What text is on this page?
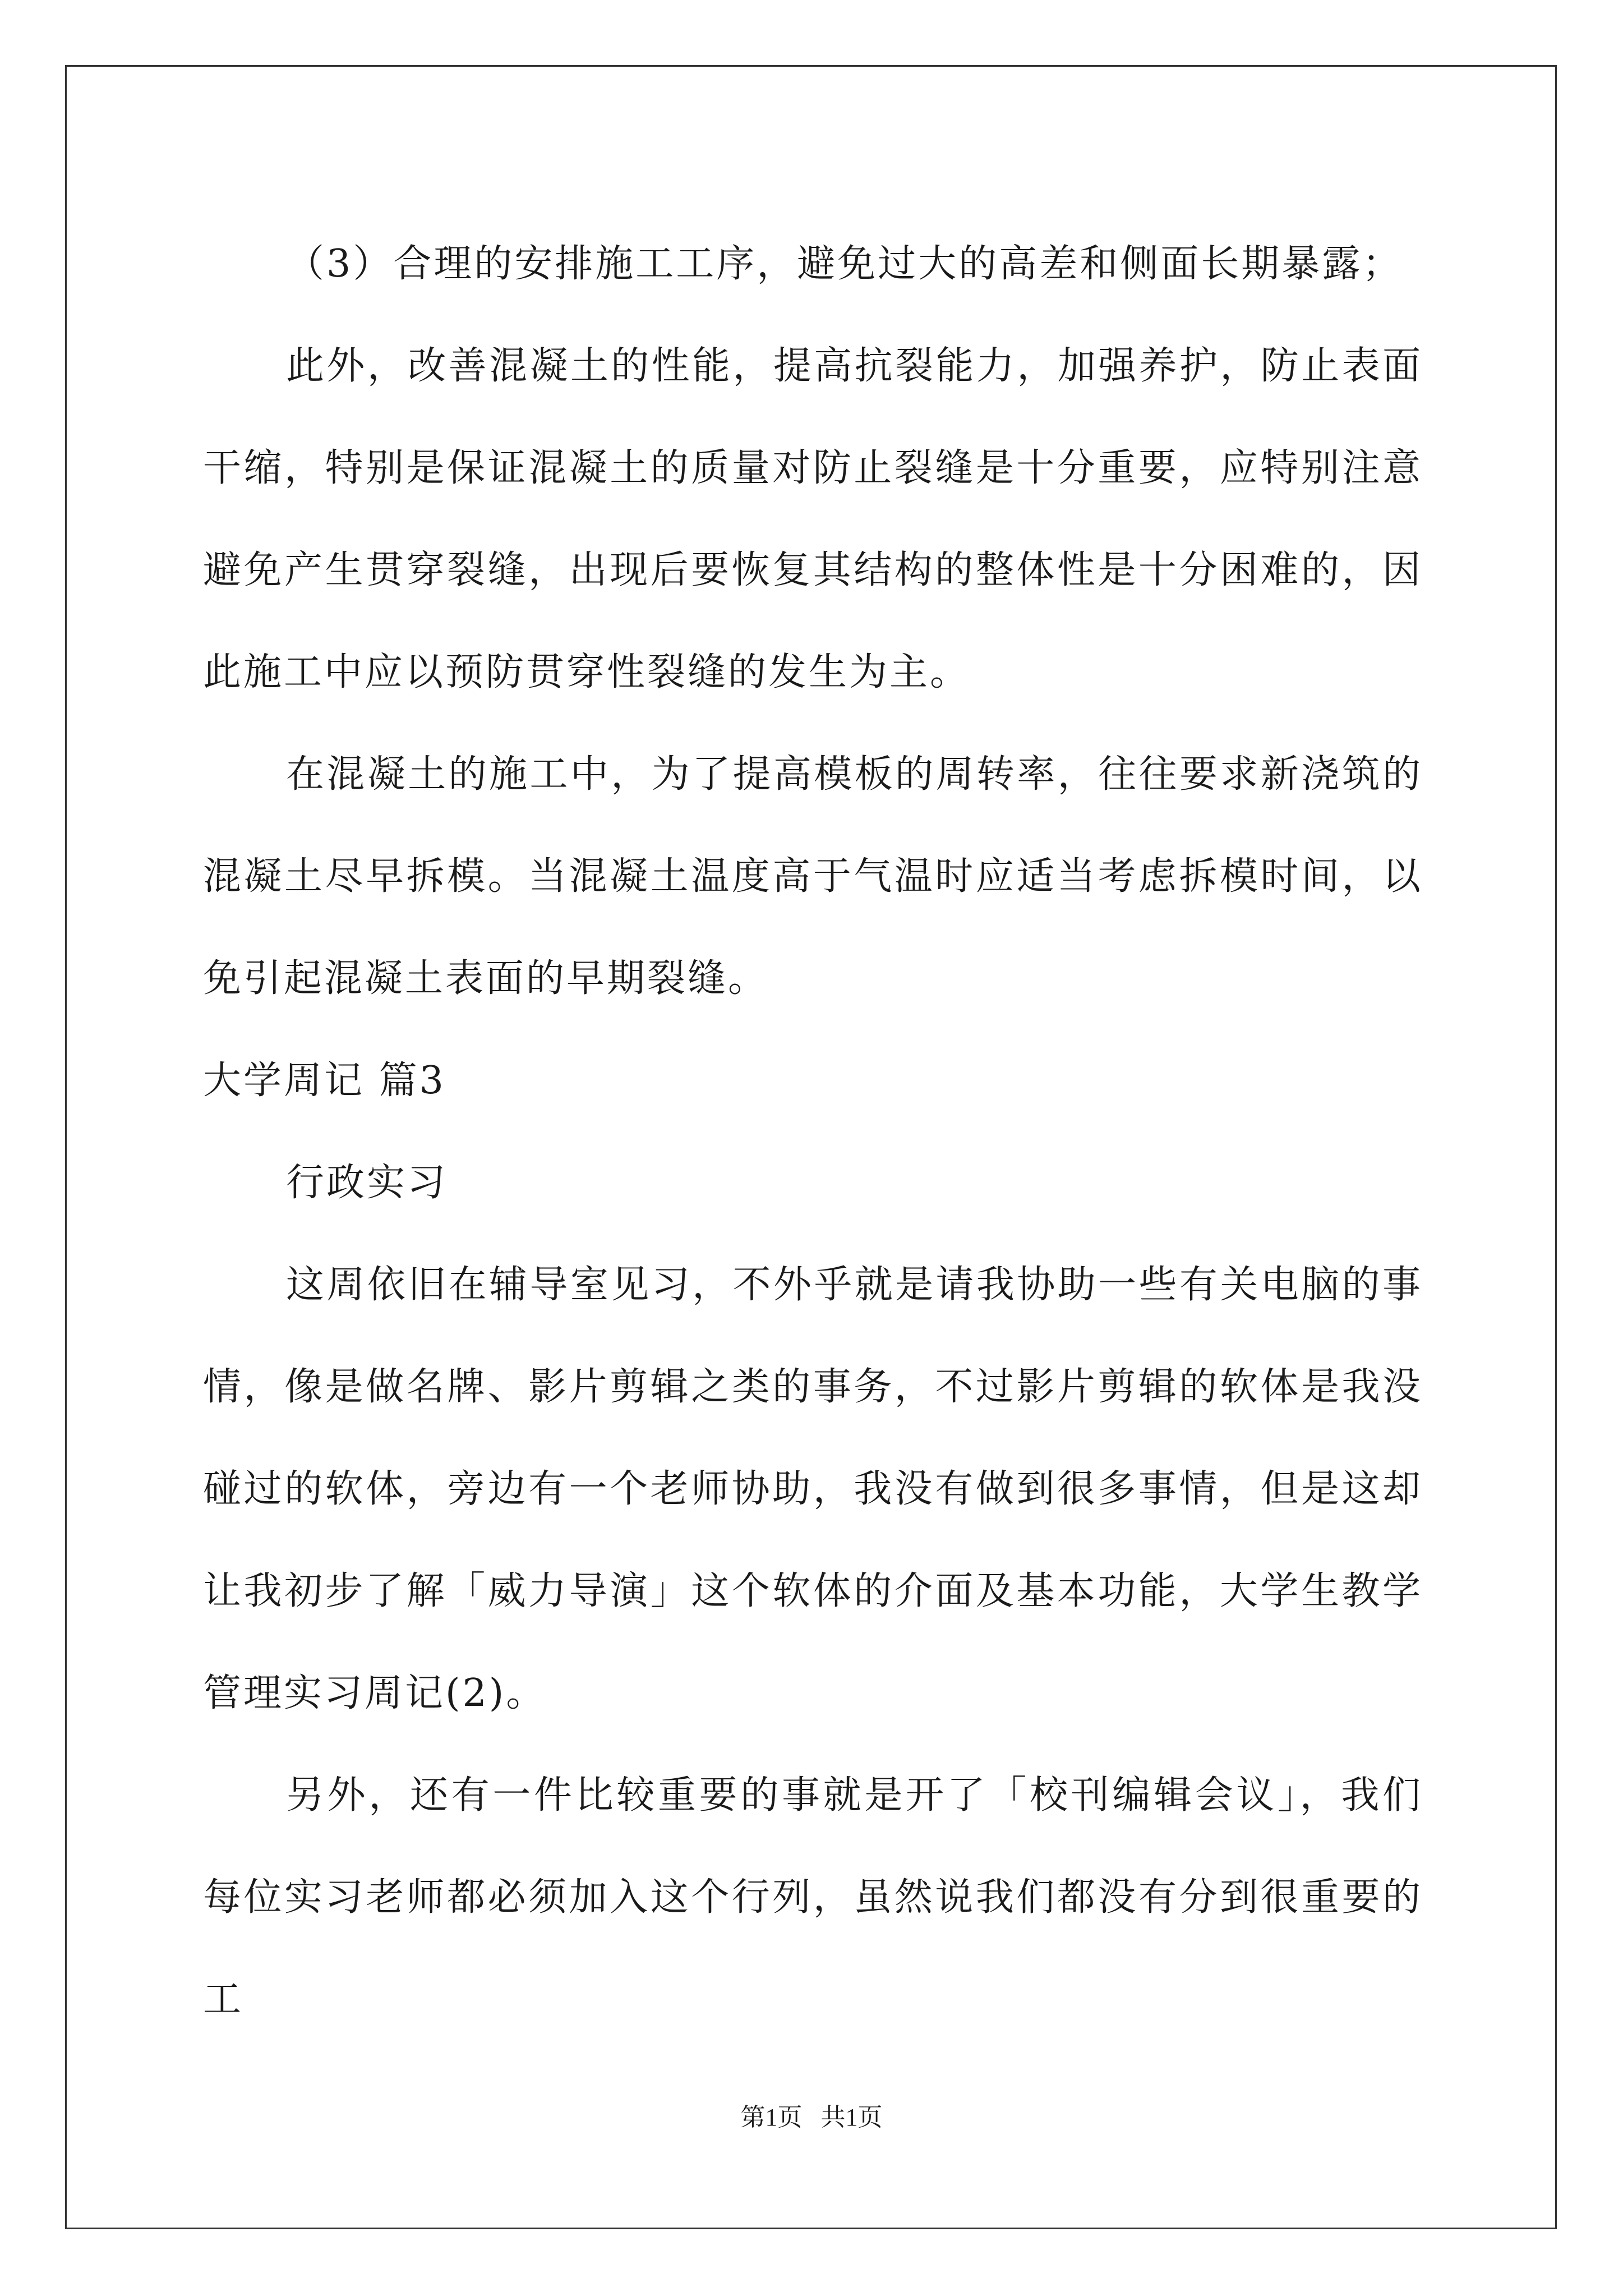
（3）合理的安排施工工序，避免过大的高差和侧面长期暴露；

此外，改善混凝土的性能，提高抗裂能力，加强养护，防止表面干缩，特别是保证混凝土的质量对防止裂缝是十分重要，应特别注意避免产生贯穿裂缝，出现后要恢复其结构的整体性是十分困难的，因此施工中应以预防贯穿性裂缝的发生为主。

在混凝土的施工中，为了提高模板的周转率，往往要求新浇筑的混凝土尽早拆模。当混凝土温度高于气温时应适当考虑拆模时间，以免引起混凝土表面的早期裂缝。

大学周记 篇3

行政实习

这周依旧在辅导室见习，不外乎就是请我协助一些有关电脑的事情，像是做名牌、影片剪辑之类的事务，不过影片剪辑的软体是我没碰过的软体，旁边有一个老师协助，我没有做到很多事情，但是这却让我初步了解「威力导演」这个软体的介面及基本功能，大学生教学管理实习周记(2)。

另外，还有一件比较重要的事就是开了「校刊编辑会议」，我们每位实习老师都必须加入这个行列，虽然说我们都没有分到很重要的工

第1页   共1页
